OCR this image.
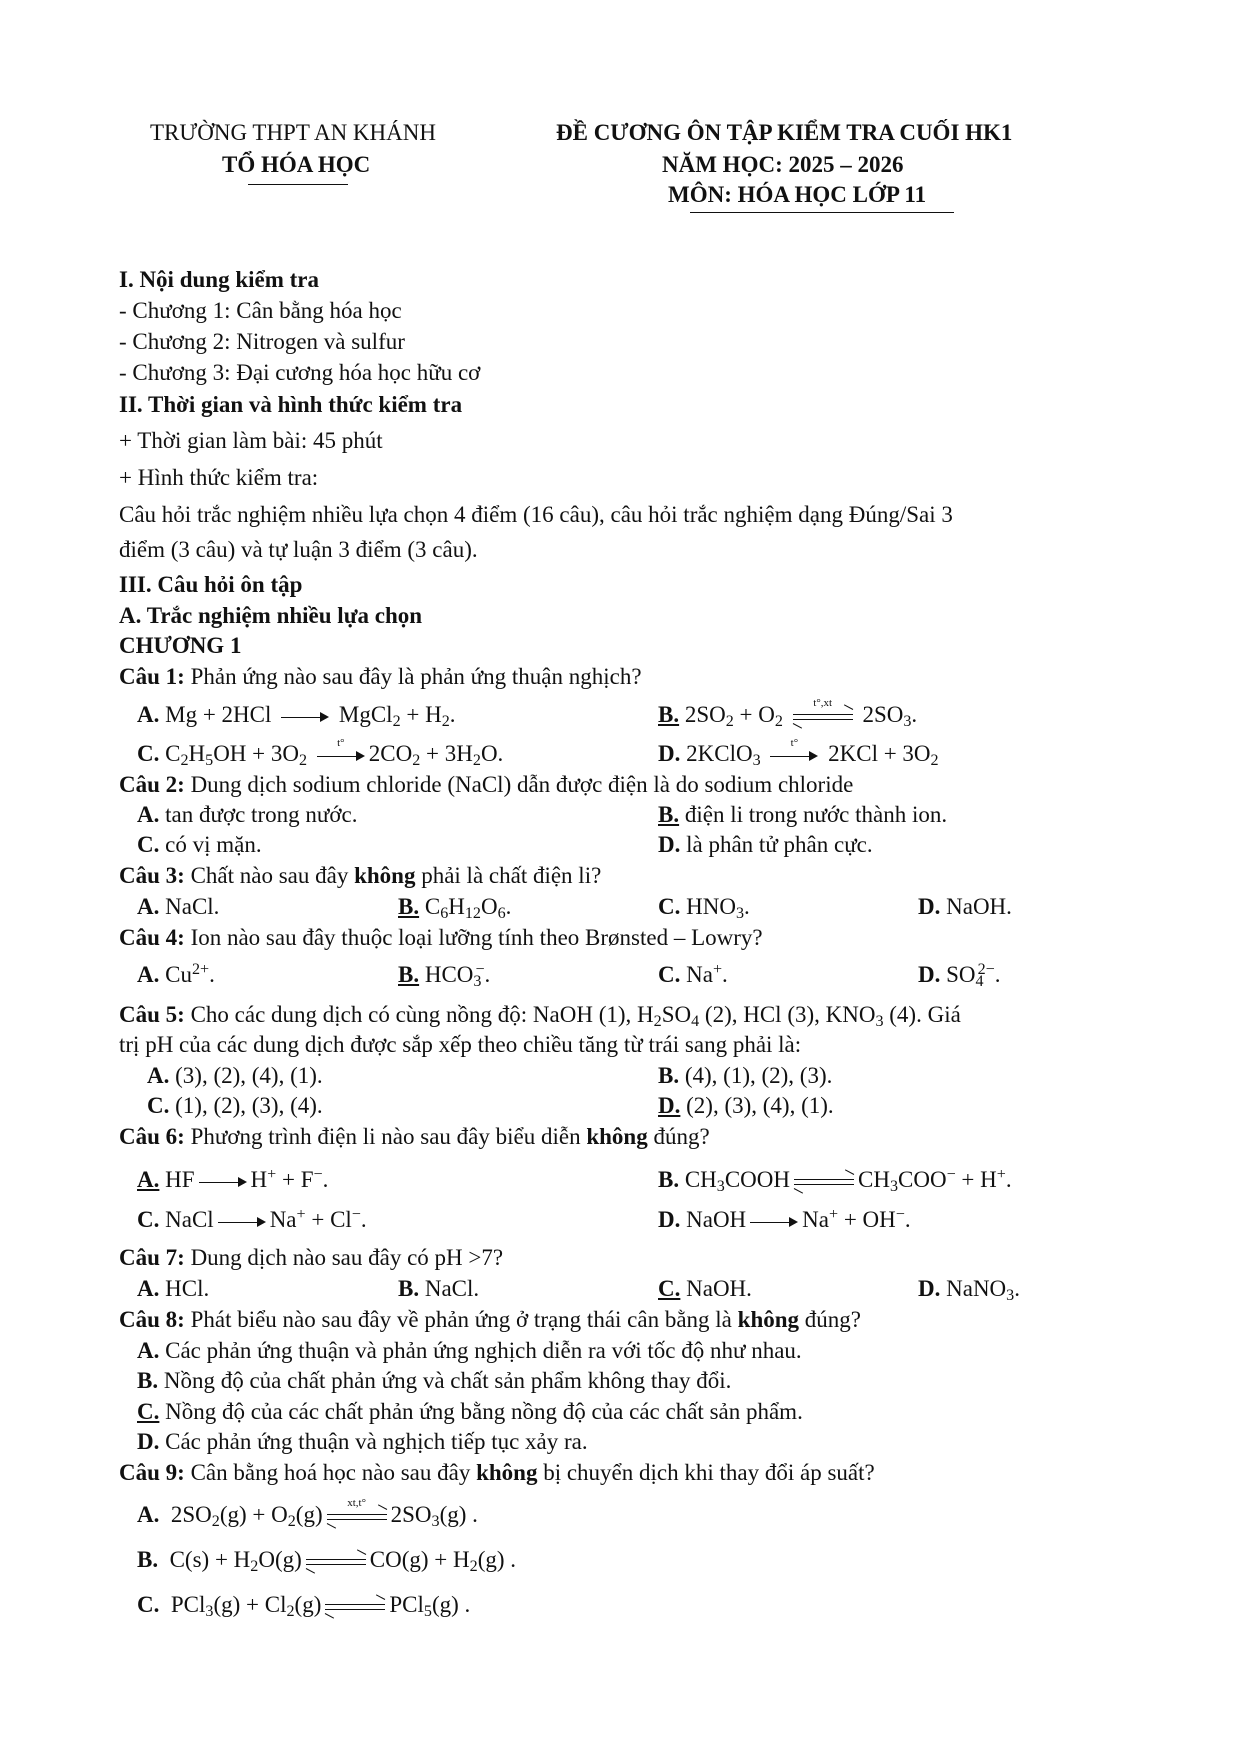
TRƯỜNG THPT AN KHÁNH
TỔ HÓA HỌC
ĐỀ CƯƠNG ÔN TẬP KIỂM TRA CUỐI HK1
NĂM HỌC: 2025 – 2026
MÔN: HÓA HỌC LỚP 11
I. Nội dung kiểm tra
- Chương 1: Cân bằng hóa học
- Chương 2: Nitrogen và sulfur
- Chương 3: Đại cương hóa học hữu cơ
II. Thời gian và hình thức kiểm tra
+ Thời gian làm bài: 45 phút
+ Hình thức kiểm tra:
Câu hỏi trắc nghiệm nhiều lựa chọn 4 điểm (16 câu), câu hỏi trắc nghiệm dạng Đúng/Sai 3
điểm (3 câu) và tự luận 3 điểm (3 câu).
III. Câu hỏi ôn tập
A. Trắc nghiệm nhiều lựa chọn
CHƯƠNG 1
Câu 1: Phản ứng nào sau đây là phản ứng thuận nghịch?
A. Mg + 2HCl
MgCl$_2$ + $H_2$.	B. $2SO_2 + O_2$
t°,xt	$2SO_3$.
C. $C_2H_5OH + 3O_2$
t°	$2CO_2 + 3H_2O$.	D. 2KClO$_3$
t°	$2KCl + 3O_2$
Câu 2: Dung dịch sodium chloride (NaCl) dẫn được điện là do sodium chloride
A. tan được trong nước.	B. điện li trong nước thành ion.
C. có vị mặn.	D. là phân tử phân cực.
Câu 3: Chất nào sau đây không phải là chất điện li?
A. NaCl.	B. $C_6H_{12}O_6$.	C. $HNO_3$.	D. NaOH.
Câu 4: Ion nào sau đây thuộc loại lưỡng tính theo Brønsted – Lowry?
A. $Cu^{2+}$.	B. $HCO_3^-$.	C. Na+.	D. $SO_4^{2-}$.
Câu 5: Cho các dung dịch có cùng nồng độ: NaOH (1), $H_2SO_4$ (2), HCl (3), $KNO_3$ (4). Giá
trị pH của các dung dịch được sắp xếp theo chiều tăng từ trái sang phải là:
A. (3), (2), (4), (1).	B. (4), (1), (2), (3).
C. (1), (2), (3), (4).	D. (2), (3), (4), (1).
Câu 6: Phương trình điện li nào sau đây biểu diễn không đúng?
A. HF H+ + F−.	B. $CH_3COOH$ ⇌ $CH_3COO^- + H^+$.
C. NaCl Na+ + Cl−.	D. NaOH Na+ + OH−.
Câu 7: Dung dịch nào sau đây có pH >7?
A. HCl.	B. NaCl.	C. NaOH.	D. NaNO$_3$.
Câu 8: Phát biểu nào sau đây về phản ứng ở trạng thái cân bằng là không đúng?
A. Các phản ứng thuận và phản ứng nghịch diễn ra với tốc độ như nhau.
B. Nồng độ của chất phản ứng và chất sản phẩm không thay đổi.
C. Nồng độ của các chất phản ứng bằng nồng độ của các chất sản phẩm.
D. Các phản ứng thuận và nghịch tiếp tục xảy ra.
Câu 9: Cân bằng hoá học nào sau đây không bị chuyển dịch khi thay đổi áp suất?
A.  $2SO_2(g) + O_2(g)$	xt,t°	$2SO_3(g)$ .
B.  $C(s) + H_2O(g)$ ⇌ $CO(g) + H_2(g)$ .
C.  $PCl_3(g) + Cl_2(g)$ ⇌ PCl$_5$(g) .
